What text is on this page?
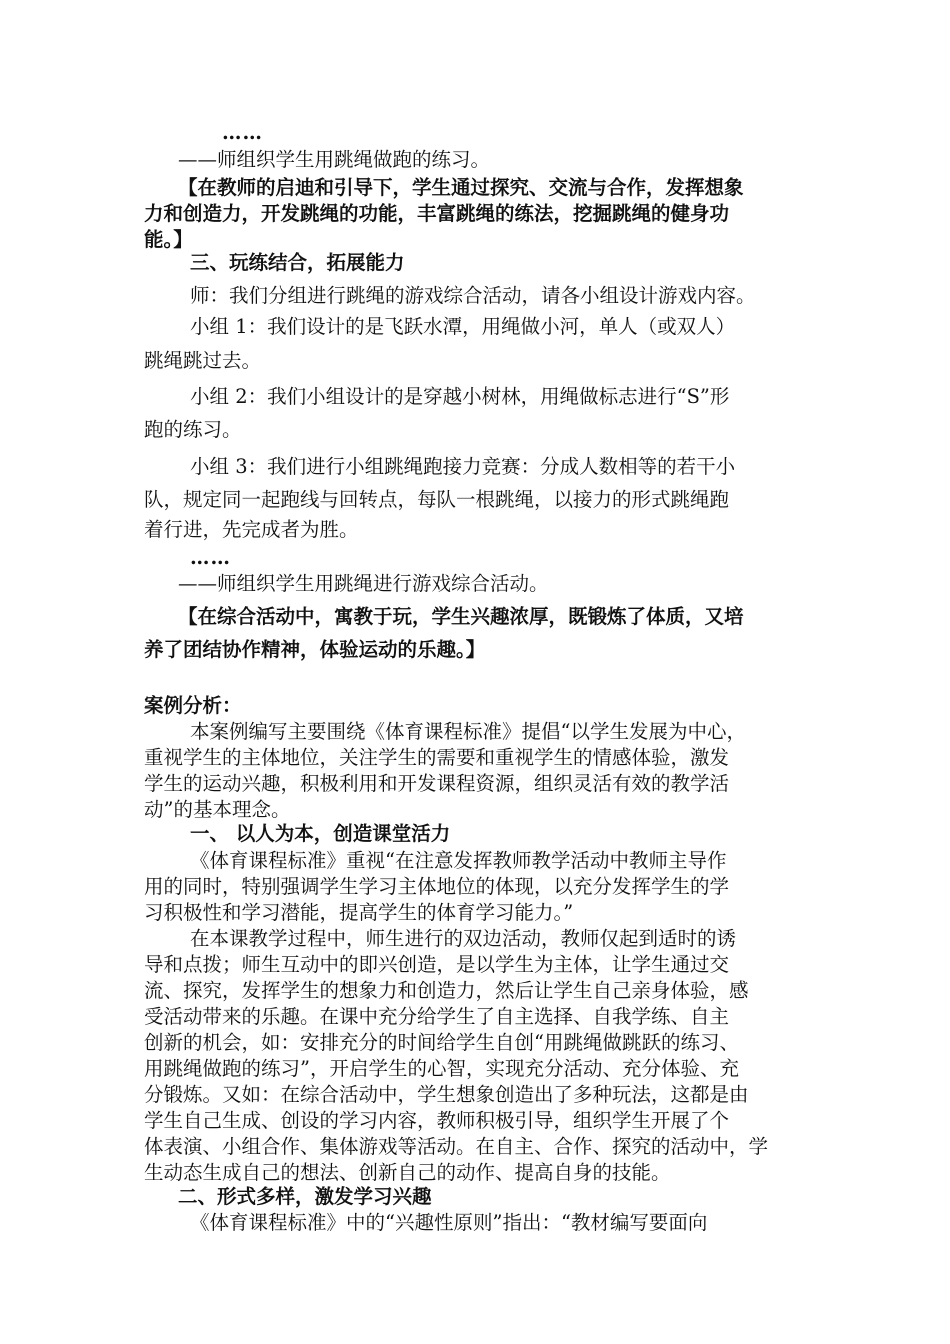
……
——师组织学生用跳绳做跑的练习。
【在教师的启迪和引导下，学生通过探究、交流与合作，发挥想象
力和创造力，开发跳绳的功能，丰富跳绳的练法，挖掘跳绳的健身功
能。】
三、玩练结合，拓展能力
师：我们分组进行跳绳的游戏综合活动，请各小组设计游戏内容。
小组 1：我们设计的是飞跃水潭，用绳做小河，单人（或双人）
跳绳跳过去。
小组 2：我们小组设计的是穿越小树林，用绳做标志进行“S”形
跑的练习。
小组 3：我们进行小组跳绳跑接力竞赛：分成人数相等的若干小
队，规定同一起跑线与回转点，每队一根跳绳，以接力的形式跳绳跑
着行进，先完成者为胜。
……
——师组织学生用跳绳进行游戏综合活动。
【在综合活动中，寓教于玩，学生兴趣浓厚，既锻炼了体质，又培
养了团结协作精神，体验运动的乐趣。】
案例分析：
本案例编写主要围绕《体育课程标准》提倡“以学生发展为中心，
重视学生的主体地位，关注学生的需要和重视学生的情感体验，激发
学生的运动兴趣，积极利用和开发课程资源，组织灵活有效的教学活
动”的基本理念。
一、 以人为本，创造课堂活力
《体育课程标准》重视“在注意发挥教师教学活动中教师主导作
用的同时，特别强调学生学习主体地位的体现，以充分发挥学生的学
习积极性和学习潜能，提高学生的体育学习能力。”
在本课教学过程中，师生进行的双边活动，教师仅起到适时的诱
导和点拨；师生互动中的即兴创造，是以学生为主体，让学生通过交
流、探究，发挥学生的想象力和创造力，然后让学生自己亲身体验，感
受活动带来的乐趣。在课中充分给学生了自主选择、自我学练、自主
创新的机会，如：安排充分的时间给学生自创“用跳绳做跳跃的练习、
用跳绳做跑的练习”，开启学生的心智，实现充分活动、充分体验、充
分锻炼。又如：在综合活动中，学生想象创造出了多种玩法，这都是由
学生自己生成、创设的学习内容，教师积极引导，组织学生开展了个
体表演、小组合作、集体游戏等活动。在自主、合作、探究的活动中，学
生动态生成自己的想法、创新自己的动作、提高自身的技能。
二、形式多样，激发学习兴趣
《体育课程标准》中的“兴趣性原则”指出：“教材编写要面向
